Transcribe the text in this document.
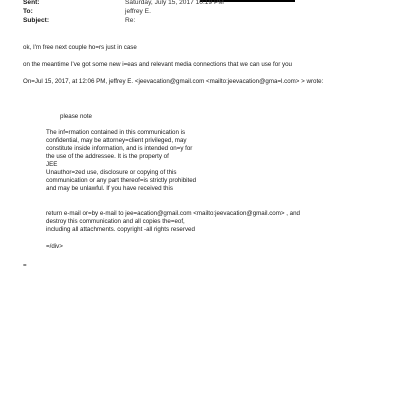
Sent:	Saturday, July 15, 2017 10:19 PM
To:	jeffrey E.
Subject:	Re:
ok, I'm free next couple ho=rs just in case
on the meantime I've got some new i=eas and relevant media connections that we can use for you
On=Jul 15, 2017, at 12:06 PM, jeffrey E. <jeevacation@gmail.com <mailto:jeevacation@gma=l.com> > wrote:
please note
The inf=rmation contained in this communication is
confidential, may be attorney=client privileged, may
constitute inside information, and is intended on=y for
the use of the addressee. It is the property of
JEE
Unauthor=zed use, disclosure or copying of this
communication or any part thereof=is strictly prohibited
and may be unlawful. If you have received this
return e-mail or=by e-mail to jee=acation@gmail.com <mailto:jeevacation@gmail.com> , and
destroy this communication and all copies the=eof,
including all attachments. copyright -all rights reserved
=/div>
=
